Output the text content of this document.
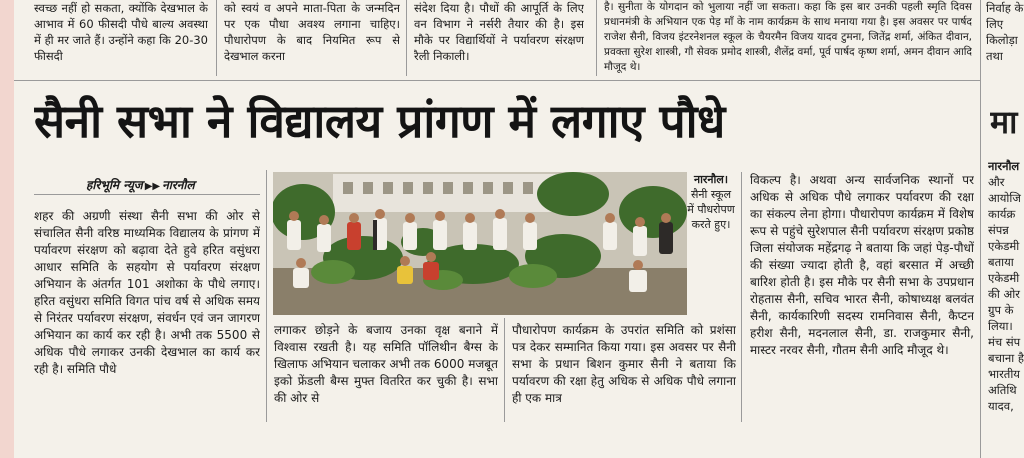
स्वच्छ नहीं हो सकता, क्योंकि देखभाल के आभाव में 60 फीसदी पौधे बाल्य अवस्था में ही मर जाते हैं। उन्होंने कहा कि 20-30 फीसदी

को स्वयं व अपने माता-पिता के जन्मदिन पर एक पौधा अवश्य लगाना चाहिए। पौधारोपण के बाद नियमित रूप से देखभाल करना

संदेश दिया है। पौधों की आपूर्ति के लिए वन विभाग ने नर्सरी तैयार की है। इस मौके पर विद्यार्थियों ने पर्यावरण संरक्षण रैली निकाली।

है। सुनीता के योगदान को भुलाया नहीं जा सकता। कहा कि इस बार उनकी पहली स्मृति दिवस प्रधानमंत्री के अभियान एक पेड़ माँ के नाम कार्यक्रम के साथ मनाया गया है। इस अवसर पर पार्षद राजेश सैनी, विजय इंटरनेशनल स्कूल के चैयरमैन विजय यादव टुमना, जितेंद्र शर्मा, अंकित दीवान, प्रवक्ता सुरेश शास्त्री, गौ सेवक प्रमोद शास्त्री, शैलेंद्र वर्मा, पूर्व पार्षद कृष्ण शर्मा, अमन दीवान आदि मौजूद थे।

निर्वाह के लिए किलोड़ा तथा

सैनी सभा ने विद्यालय प्रांगण में लगाए पौधे	मा
हरिभूमि न्यूज ▶▶ नारनौल

शहर की अग्रणी संस्था सैनी सभा की ओर से संचालित सैनी वरिष्ठ माध्यमिक विद्यालय के प्रांगण में पर्यावरण संरक्षण को बढ़ावा देते हुवे हरित वसुंधरा आधार समिति के सहयोग से पर्यावरण संरक्षण अभियान के अंतर्गत 101 अशोका के पौधे लगाए। हरित वसुंधरा समिति विगत पांच वर्ष से अधिक समय से निरंतर पर्यावरण संरक्षण, संवर्धन एवं जन जागरण अभियान का कार्य कर रही है। अभी तक 5500 से अधिक पौधे लगाकर उनकी देखभाल का कार्य कर रही है। समिति पौधे

नारनौल।
सैनी स्कूल में पौधरोपण करते हुए।

लगाकर छोड़ने के बजाय उनका वृक्ष बनाने में विश्वास रखती है। यह समिति पॉलिथीन बैग्स के खिलाफ अभियान चलाकर अभी तक 6000 मजबूत इको फ्रेंडली बैग्स मुफ्त वितरित कर चुकी है। सभा की ओर से

पौधारोपण कार्यक्रम के उपरांत समिति को प्रशंसा पत्र देकर सम्मानित किया गया। इस अवसर पर सैनी सभा के प्रधान बिशन कुमार सैनी ने बताया कि पर्यावरण की रक्षा हेतु अधिक से अधिक पौधे लगाना ही एक मात्र

विकल्प है। अथवा अन्य सार्वजनिक स्थानों पर अधिक से अधिक पौधे लगाकर पर्यावरण की रक्षा का संकल्प लेना होगा। पौधारोपण कार्यक्रम में विशेष रूप से पहुंचे सुरेशपाल सैनी पर्यावरण संरक्षण प्रकोष्ठ जिला संयोजक महेंद्रगढ़ ने बताया कि जहां पेड़-पौधों की संख्या ज्यादा होती है, वहां बरसात में अच्छी बारिश होती है। इस मौके पर सैनी सभा के उपप्रधान रोहतास सैनी, सचिव भारत सैनी, कोषाध्यक्ष बलवंत सैनी, कार्यकारिणी सदस्य रामनिवास सैनी, कैप्टन हरीश सैनी, मदनलाल सैनी, डा. राजकुमार सैनी, मास्टर नरवर सैनी, गौतम सैनी आदि मौजूद थे।

नारनौल और आयोजि कार्यक्र संपन्न एकेडमी बताया एकेडमी की ओर ग्रुप के लिया। मंच संप बचाना है भारतीय अतिथि यादव,
